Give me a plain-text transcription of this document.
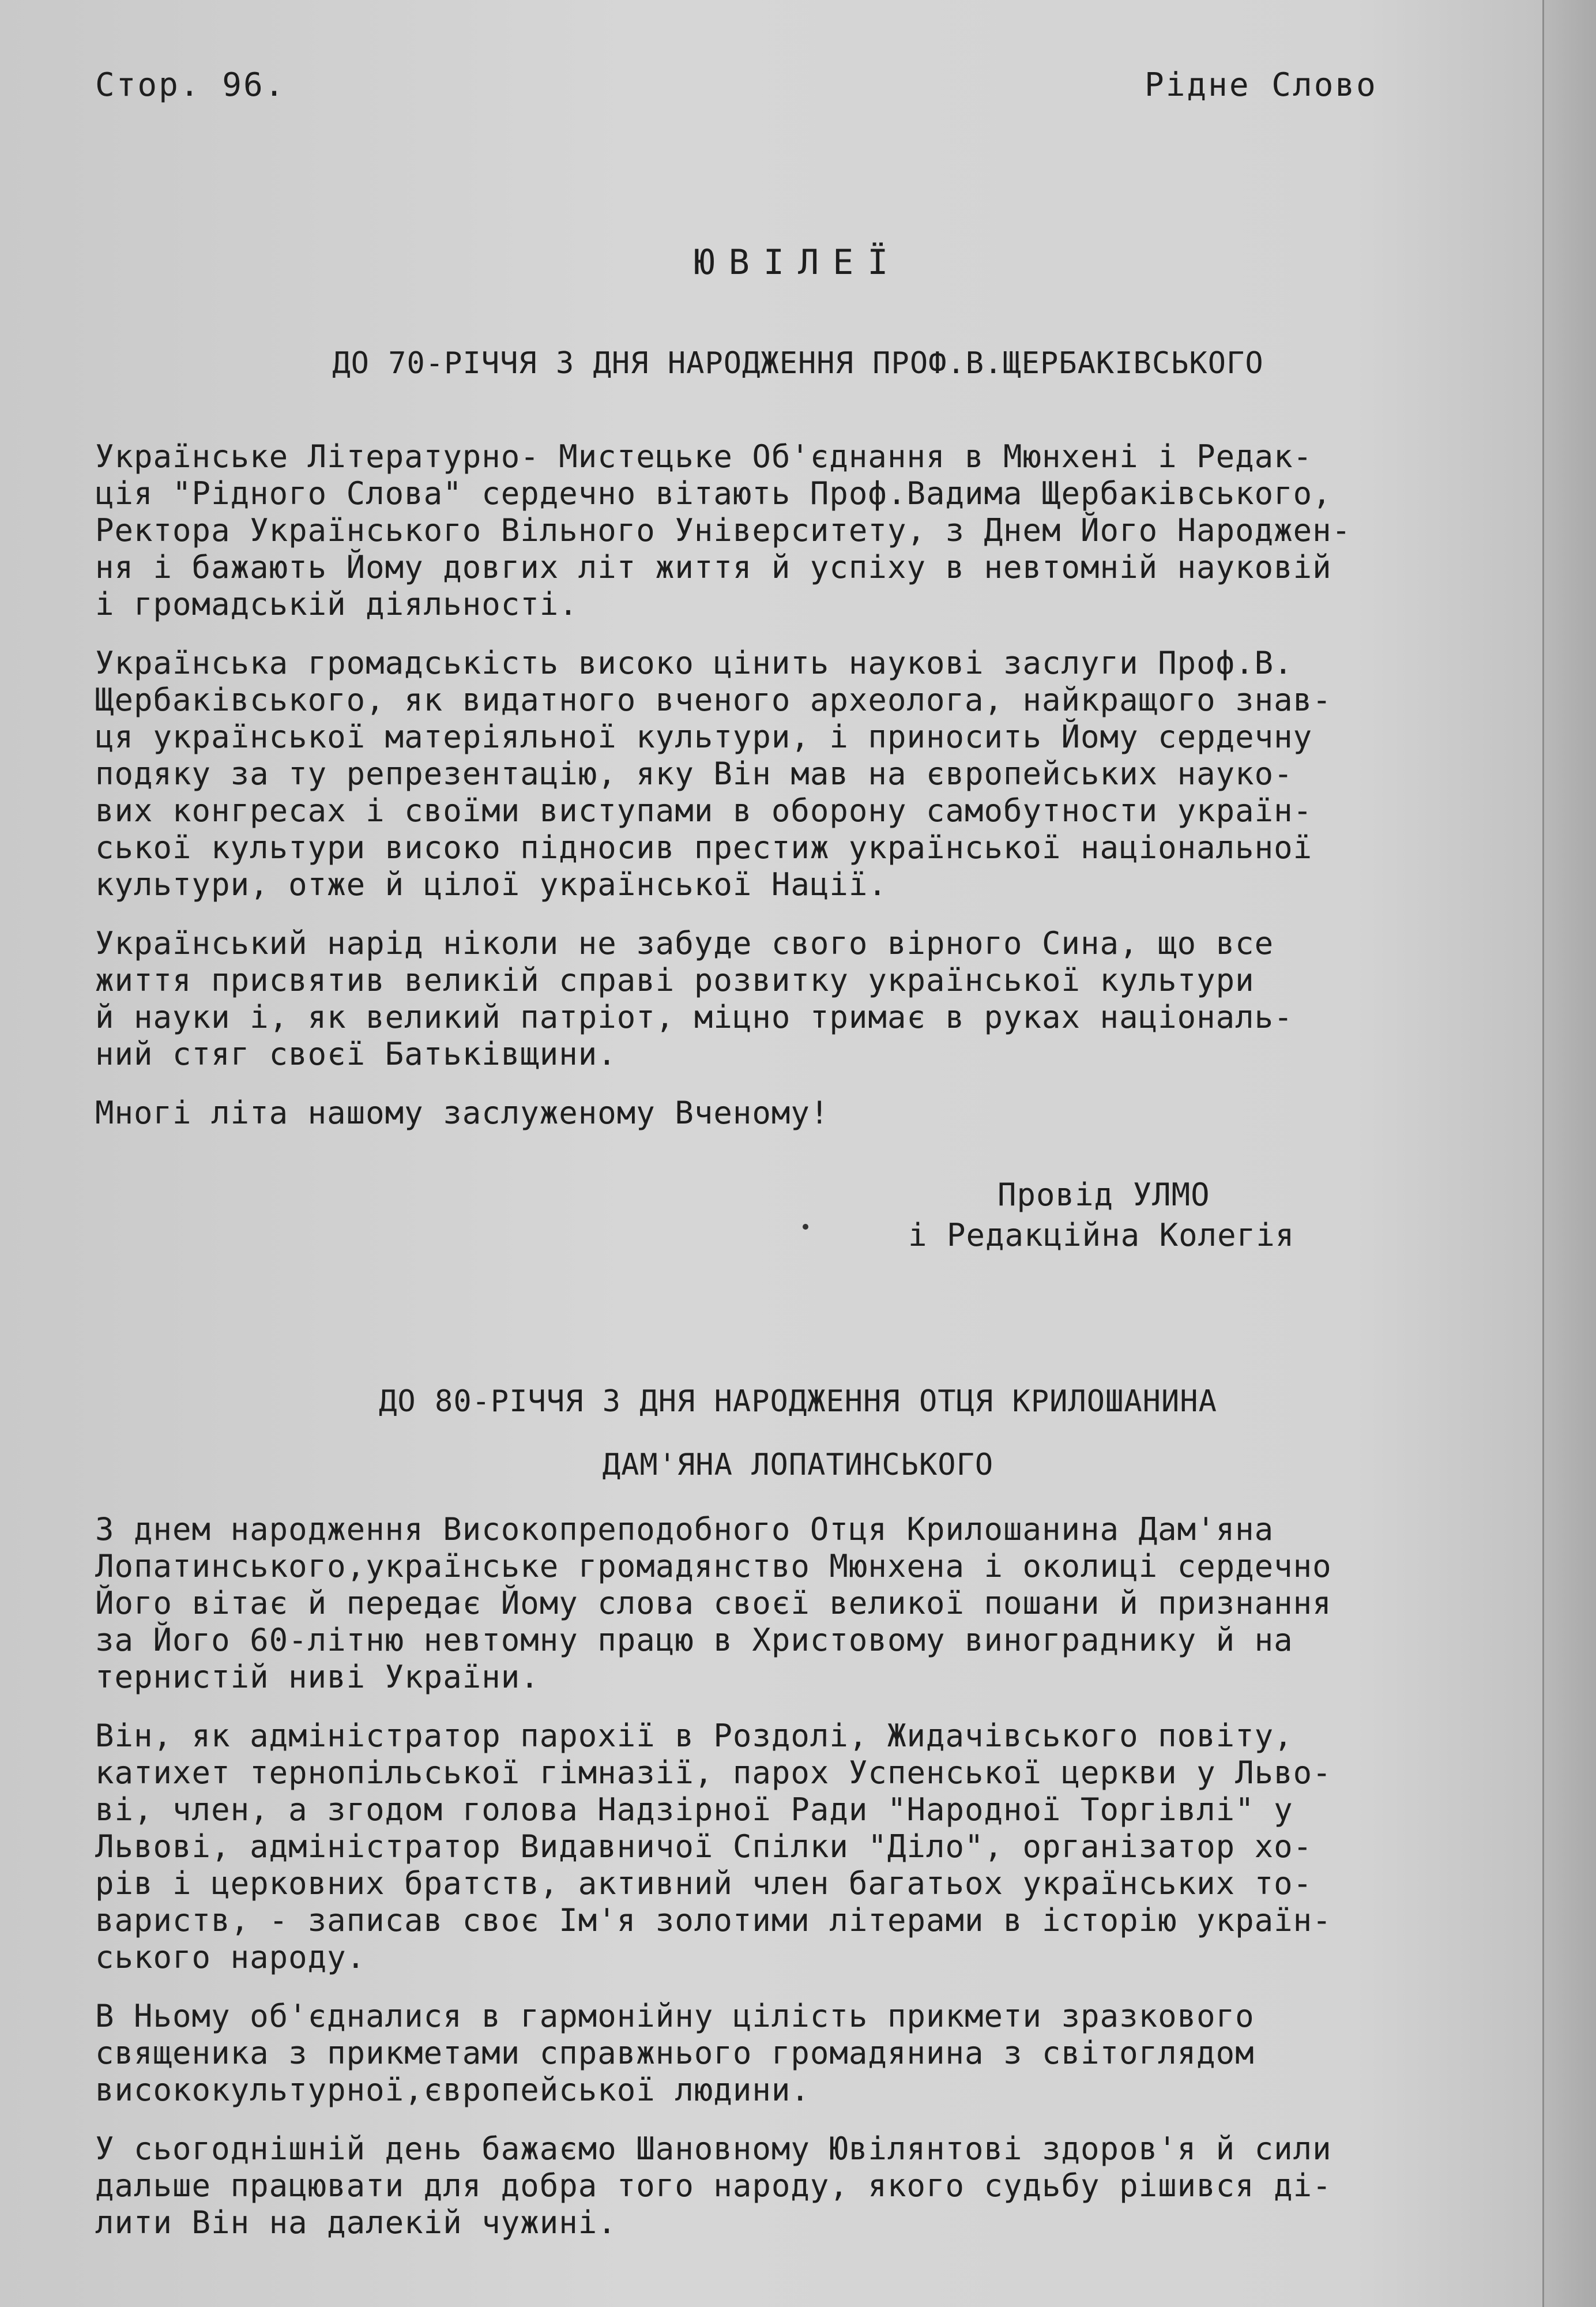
Стор. 96.	Рідне Слово
ЮВІЛЕЇ
ДО 70-РІЧЧЯ З ДНЯ НАРОДЖЕННЯ ПРОФ.В.ЩЕРБАКІВСЬКОГО

Українське Літературно- Мистецьке Об'єднання в Мюнхені і Редак-
ція "Рідного Слова" сердечно вітають Проф.Вадима Щербаківського,
Ректора Українського Вільного Університету, з Днем Його Народжен-
ня і бажають Йому довгих літ життя й успіху в невтомній науковій
і громадській діяльності.

Українська громадськість високо цінить наукові заслуги Проф.В.
Щербаківського, як видатного вченого археолога, найкращого знав-
ця української матеріяльної культури, і приносить Йому сердечну
подяку за ту репрезентацію, яку Він мав на європейських науко-
вих конгресах і своїми виступами в оборону самобутности україн-
ської культури високо підносив престиж української національної
культури, отже й цілої української Нації.

Український нарід ніколи не забуде свого вірного Сина, що все
життя присвятив великій справі розвитку української культури
й науки і, як великий патріот, міцно тримає в руках національ-
ний стяг своєї Батьківщини.

Многі літа нашому заслуженому Вченому!

Провід УЛМО
і Редакційна Колегія
ДО 80-РІЧЧЯ З ДНЯ НАРОДЖЕННЯ ОТЦЯ КРИЛОШАНИНА
ДАМ'ЯНА ЛОПАТИНСЬКОГО

З днем народження Високопреподобного Отця Крилошанина Дам'яна
Лопатинського,українське громадянство Мюнхена і околиці сердечно
Його вітає й передає Йому слова своєї великої пошани й признання
за Його 60-літню невтомну працю в Христовому винограднику й на
тернистій ниві України.

Він, як адміністратор парохії в Роздолі, Жидачівського повіту,
катихет тернопільської гімназії, парох Успенської церкви у Льво-
ві, член, а згодом голова Надзірної Ради "Народної Торгівлі" у
Львові, адміністратор Видавничої Спілки "Діло", організатор хо-
рів і церковних братств, активний член багатьох українських то-
вариств, - записав своє Ім'я золотими літерами в історію україн-
ського народу.

В Ньому об'єдналися в гармонійну цілість прикмети зразкового
священика з прикметами справжнього громадянина з світоглядом
висококультурної,європейської людини.

У сьогоднішній день бажаємо Шановному Ювілянтові здоров'я й сили
дальше працювати для добра того народу, якого судьбу рішився ді-
лити Він на далекій чужині.
